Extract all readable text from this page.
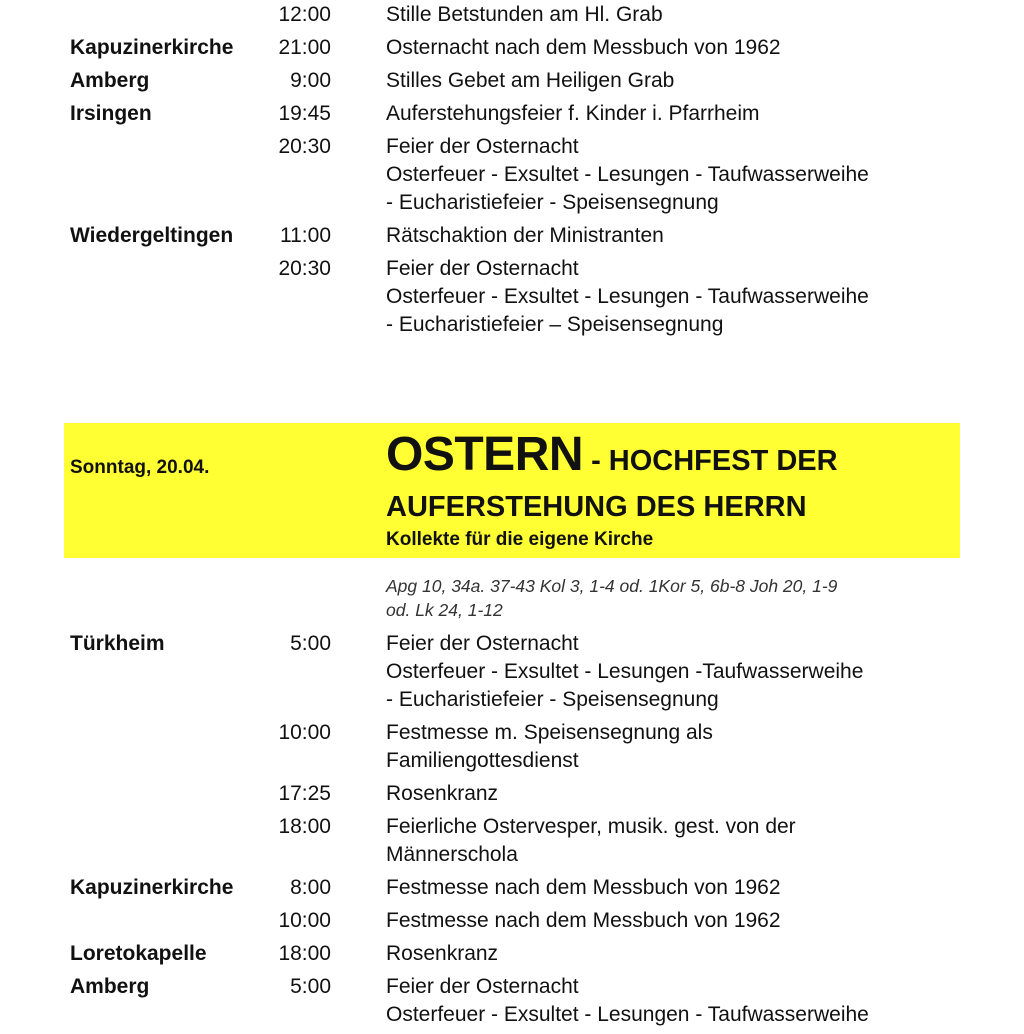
12:00	Stille Betstunden am Hl. Grab
Kapuzinerkirche 21:00	Osternacht nach dem Messbuch von 1962
Amberg	9:00	Stilles Gebet am Heiligen Grab
Irsingen	19:45	Auferstehungsfeier f. Kinder i. Pfarrheim
20:30	Feier der Osternacht
Osterfeuer - Exsultet - Lesungen - Taufwasserweihe
- Eucharistiefeier - Speisensegnung
Wiedergeltingen 11:00	Rätschaktion der Ministranten
20:30	Feier der Osternacht
Osterfeuer - Exsultet - Lesungen - Taufwasserweihe
- Eucharistiefeier – Speisensegnung
Sonntag, 20.04.	OSTERN - HOCHFEST DER
AUFERSTEHUNG DES HERRN
Kollekte für die eigene Kirche
Apg 10, 34a. 37-43 Kol 3, 1-4 od. 1Kor 5, 6b-8 Joh 20, 1-9
od. Lk 24, 1-12
Türkheim	5:00	Feier der Osternacht
Osterfeuer - Exsultet - Lesungen -Taufwasserweihe
- Eucharistiefeier - Speisensegnung
10:00	Festmesse m. Speisensegnung als
Familiengottesdienst
17:25	Rosenkranz
18:00	Feierliche Ostervesper, musik. gest. von der
Männerschola
Kapuzinerkirche	8:00	Festmesse nach dem Messbuch von 1962
10:00	Festmesse nach dem Messbuch von 1962
Loretokapelle	18:00	Rosenkranz
Amberg	5:00	Feier der Osternacht
Osterfeuer - Exsultet - Lesungen - Taufwasserweihe
